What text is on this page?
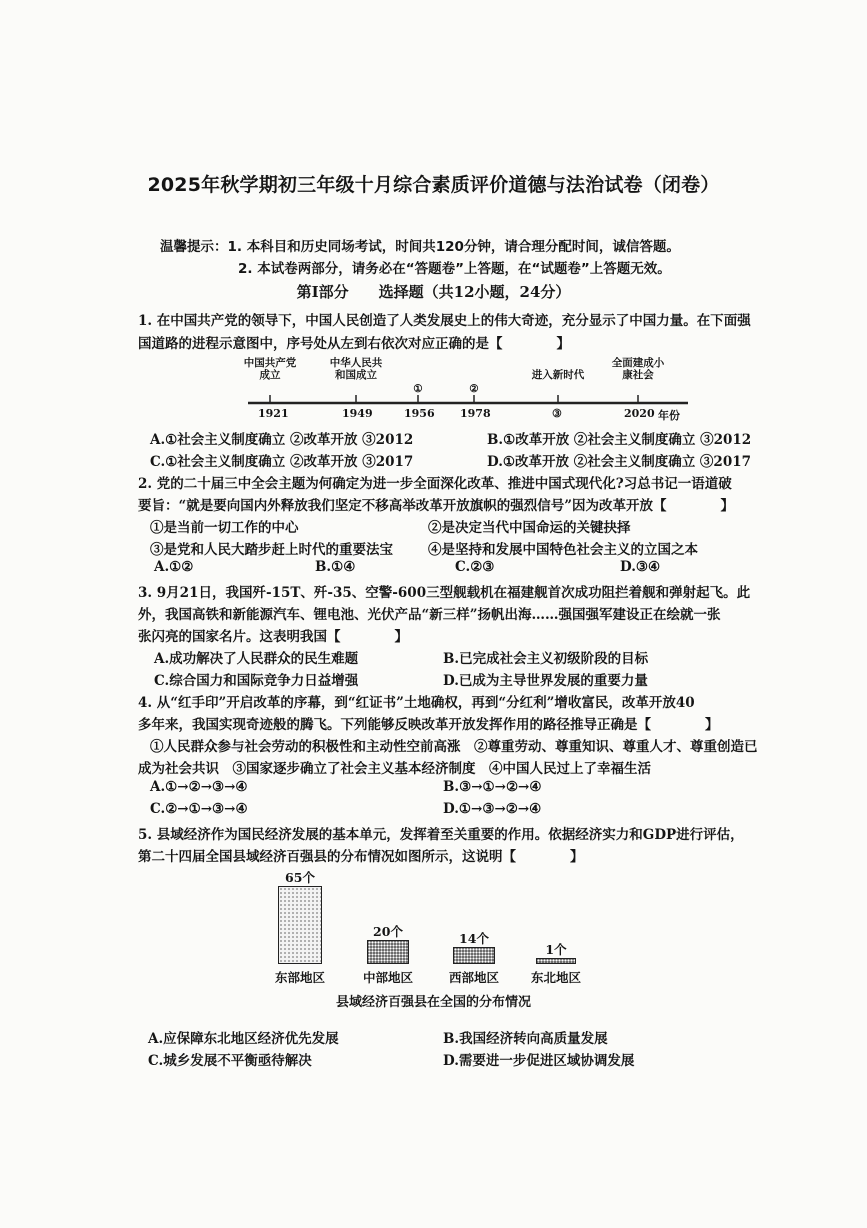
2025年秋学期初三年级十月综合素质评价道德与法治试卷（闭卷）
温馨提示：1. 本科目和历史同场考试，时间共120分钟，请合理分配时间，诚信答题。
2. 本试卷两部分，请务必在“答题卷”上答题，在“试题卷”上答题无效。
第Ⅰ部分　　选择题（共12小题，24分）
1. 在中国共产党的领导下，中国人民创造了人类发展史上的伟大奇迹，充分显示了中国力量。在下面强
国道路的进程示意图中，序号处从左到右依次对应正确的是【　　　　】
中国共产党成立
中华人民共和国成立
①	②
进入新时代
全面建成小康社会
1921	1949	1956 1978	③	2020 年份
A.①社会主义制度确立 ②改革开放 ③2012	B.①改革开放 ②社会主义制度确立 ③2012
C.①社会主义制度确立 ②改革开放 ③2017	D.①改革开放 ②社会主义制度确立 ③2017
2. 党的二十届三中全会主题为何确定为进一步全面深化改革、推进中国式现代化?习总书记一语道破
要旨：“就是要向国内外释放我们坚定不移高举改革开放旗帜的强烈信号”因为改革开放【　　　　】
①是当前一切工作的中心	②是决定当代中国命运的关键抉择
③是党和人民大踏步赶上时代的重要法宝	④是坚持和发展中国特色社会主义的立国之本
A.①②	B.①④	C.②③	D.③④
3. 9月21日，我国歼-15T、歼-35、空警-600三型舰载机在福建舰首次成功阻拦着舰和弹射起飞。此
外，我国高铁和新能源汽车、锂电池、光伏产品“新三样”扬帆出海……强国强军建设正在绘就一张
张闪亮的国家名片。这表明我国【　　　　】
A.成功解决了人民群众的民生难题	B.已完成社会主义初级阶段的目标
C.综合国力和国际竞争力日益增强	D.已成为主导世界发展的重要力量
4. 从“红手印”开启改革的序幕，到“红证书”土地确权，再到“分红利”增收富民，改革开放40
多年来，我国实现奇迹般的腾飞。下列能够反映改革开放发挥作用的路径推导正确是【　　　　】
①人民群众参与社会劳动的积极性和主动性空前高涨　②尊重劳动、尊重知识、尊重人才、尊重创造已
成为社会共识　③国家逐步确立了社会主义基本经济制度　④中国人民过上了幸福生活
A.①→②→③→④	B.③→①→②→④
C.②→①→③→④	D.①→③→②→④
5. 县域经济作为国民经济发展的基本单元，发挥着至关重要的作用。依据经济实力和GDP进行评估，
第二十四届全国县域经济百强县的分布情况如图所示，这说明【　　　　】
65个
东部地区
20个
中部地区
14个
西部地区
1个
东北地区
县域经济百强县在全国的分布情况
A.应保障东北地区经济优先发展	B.我国经济转向高质量发展
C.城乡发展不平衡亟待解决	D.需要进一步促进区域协调发展
